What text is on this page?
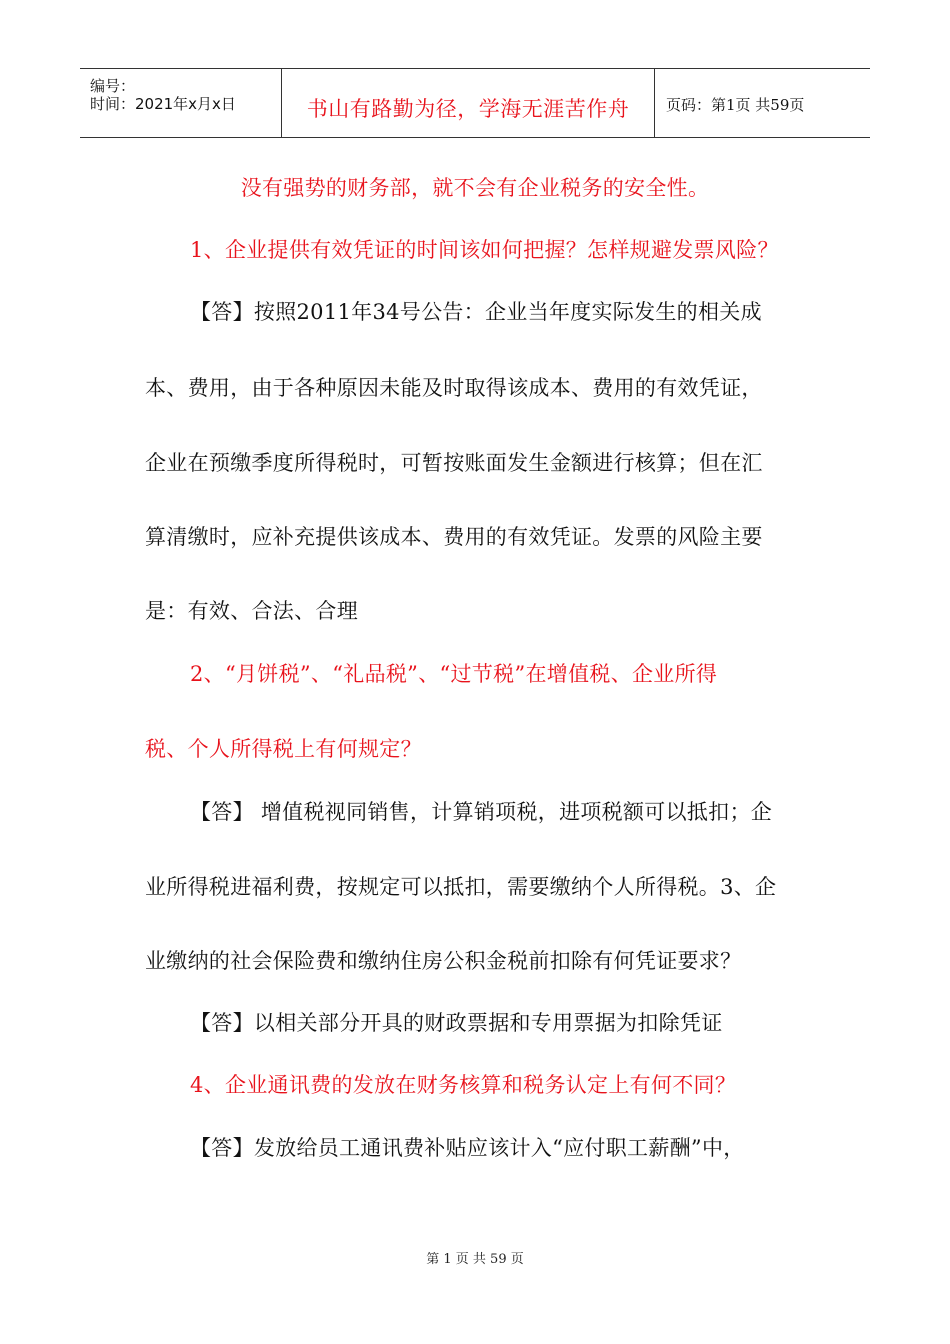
编号：
时间：2021年x月x日	书山有路勤为径，学海无涯苦作舟	页码：第1页 共59页
没有强势的财务部，就不会有企业税务的安全性。
1、企业提供有效凭证的时间该如何把握？怎样规避发票风险？
【答】按照2011年34号公告：企业当年度实际发生的相关成
本、费用，由于各种原因未能及时取得该成本、费用的有效凭证，
企业在预缴季度所得税时，可暂按账面发生金额进行核算；但在汇
算清缴时，应补充提供该成本、费用的有效凭证。发票的风险主要
是：有效、合法、合理
2、“月饼税”、“礼品税”、“过节税”在增值税、企业所得
税、个人所得税上有何规定？
【答】 增值税视同销售，计算销项税，进项税额可以抵扣；企
业所得税进福利费，按规定可以抵扣，需要缴纳个人所得税。3、企
业缴纳的社会保险费和缴纳住房公积金税前扣除有何凭证要求？
【答】以相关部分开具的财政票据和专用票据为扣除凭证
4、企业通讯费的发放在财务核算和税务认定上有何不同？
【答】发放给员工通讯费补贴应该计入“应付职工薪酬”中，
第 1 页 共 59 页
